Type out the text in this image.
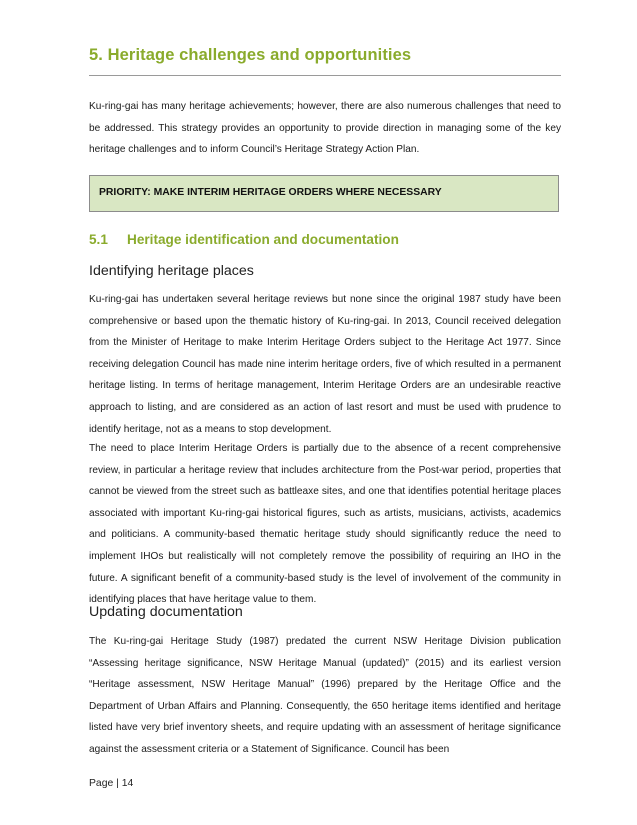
5. Heritage challenges and opportunities

Ku-ring-gai has many heritage achievements; however, there are also numerous challenges that need to be addressed. This strategy provides an opportunity to provide direction in managing some of the key heritage challenges and to inform Council’s Heritage Strategy Action Plan.

PRIORITY: MAKE INTERIM HERITAGE ORDERS WHERE NECESSARY

5.1 Heritage identification and documentation
Identifying heritage places

Ku-ring-gai has undertaken several heritage reviews but none since the original 1987 study have been comprehensive or based upon the thematic history of Ku-ring-gai. In 2013, Council received delegation from the Minister of Heritage to make Interim Heritage Orders subject to the Heritage Act 1977. Since receiving delegation Council has made nine interim heritage orders, five of which resulted in a permanent heritage listing. In terms of heritage management, Interim Heritage Orders are an undesirable reactive approach to listing, and are considered as an action of last resort and must be used with prudence to identify heritage, not as a means to stop development.

The need to place Interim Heritage Orders is partially due to the absence of a recent comprehensive review, in particular a heritage review that includes architecture from the Post-war period, properties that cannot be viewed from the street such as battleaxe sites, and one that identifies potential heritage places associated with important Ku-ring-gai historical figures, such as artists, musicians, activists, academics and politicians. A community-based thematic heritage study should significantly reduce the need to implement IHOs but realistically will not completely remove the possibility of requiring an IHO in the future. A significant benefit of a community-based study is the level of involvement of the community in identifying places that have heritage value to them.

Updating documentation

The Ku-ring-gai Heritage Study (1987) predated the current NSW Heritage Division publication “Assessing heritage significance, NSW Heritage Manual (updated)” (2015) and its earliest version “Heritage assessment, NSW Heritage Manual” (1996) prepared by the Heritage Office and the Department of Urban Affairs and Planning. Consequently, the 650 heritage items identified and heritage listed have very brief inventory sheets, and require updating with an assessment of heritage significance against the assessment criteria or a Statement of Significance. Council has been

Page | 14
